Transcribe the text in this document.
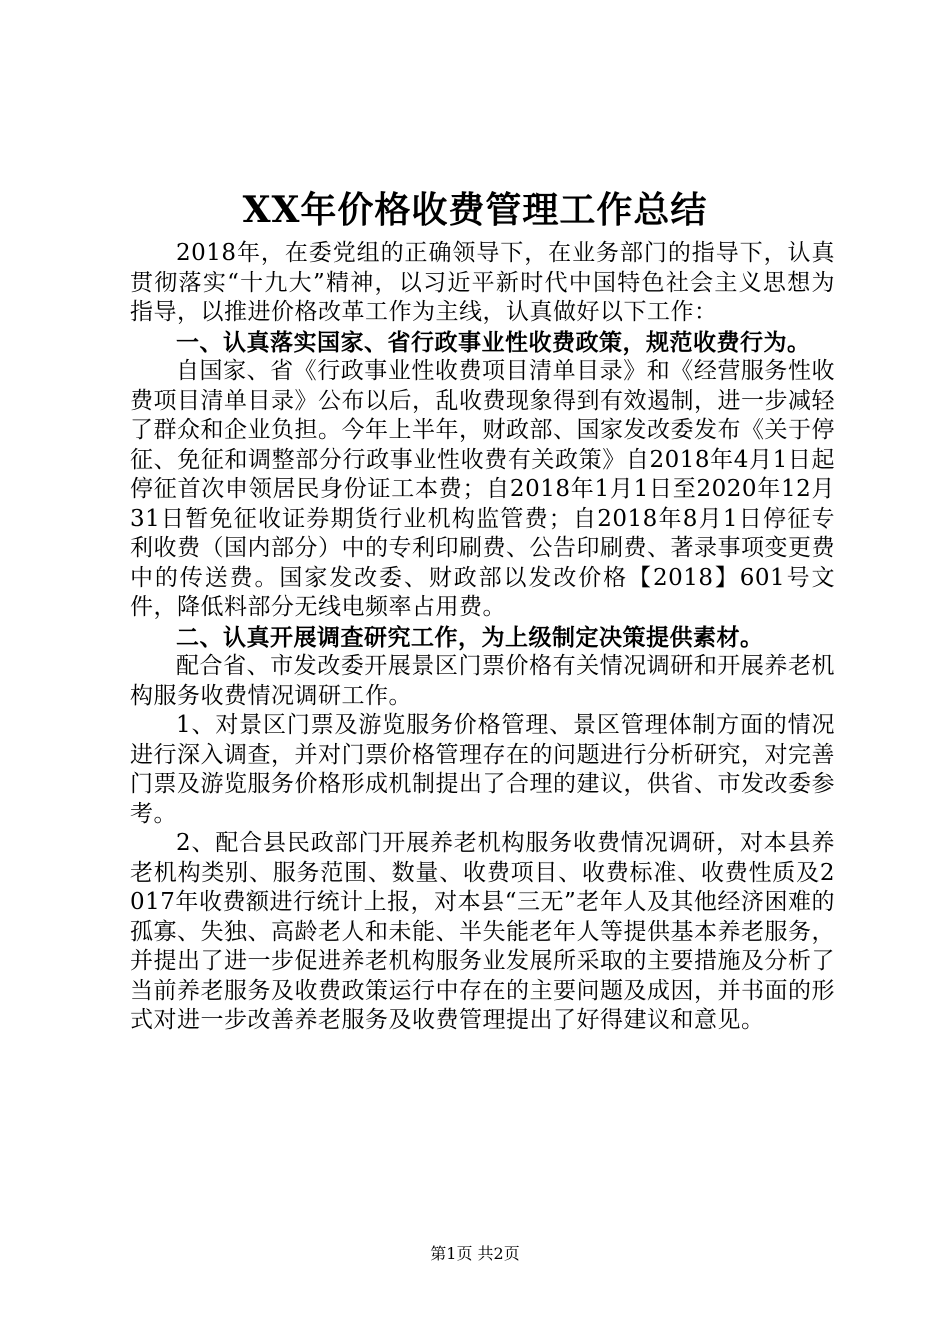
XX年价格收费管理工作总结

2018年，在委党组的正确领导下，在业务部门的指导下，认真贯彻落实“十九大”精神，以习近平新时代中国特色社会主义思想为指导，以推进价格改革工作为主线，认真做好以下工作：

一、认真落实国家、省行政事业性收费政策，规范收费行为。

自国家、省《行政事业性收费项目清单目录》和《经营服务性收费项目清单目录》公布以后，乱收费现象得到有效遏制，进一步减轻了群众和企业负担。今年上半年，财政部、国家发改委发布《关于停征、免征和调整部分行政事业性收费有关政策》自2018年4月1日起停征首次申领居民身份证工本费；自2018年1月1日至2020年12月31日暂免征收证券期货行业机构监管费；自2018年8月1日停征专利收费（国内部分）中的专利印刷费、公告印刷费、著录事项变更费中的传送费。国家发改委、财政部以发改价格【2018】601号文件，降低料部分无线电频率占用费。

二、认真开展调查研究工作，为上级制定决策提供素材。

配合省、市发改委开展景区门票价格有关情况调研和开展养老机构服务收费情况调研工作。

1、对景区门票及游览服务价格管理、景区管理体制方面的情况进行深入调查，并对门票价格管理存在的问题进行分析研究，对完善门票及游览服务价格形成机制提出了合理的建议，供省、市发改委参考。

2、配合县民政部门开展养老机构服务收费情况调研，对本县养老机构类别、服务范围、数量、收费项目、收费标准、收费性质及2017年收费额进行统计上报，对本县“三无”老年人及其他经济困难的孤寡、失独、高龄老人和未能、半失能老年人等提供基本养老服务，并提出了进一步促进养老机构服务业发展所采取的主要措施及分析了当前养老服务及收费政策运行中存在的主要问题及成因，并书面的形式对进一步改善养老服务及收费管理提出了好得建议和意见。

第1页 共2页
